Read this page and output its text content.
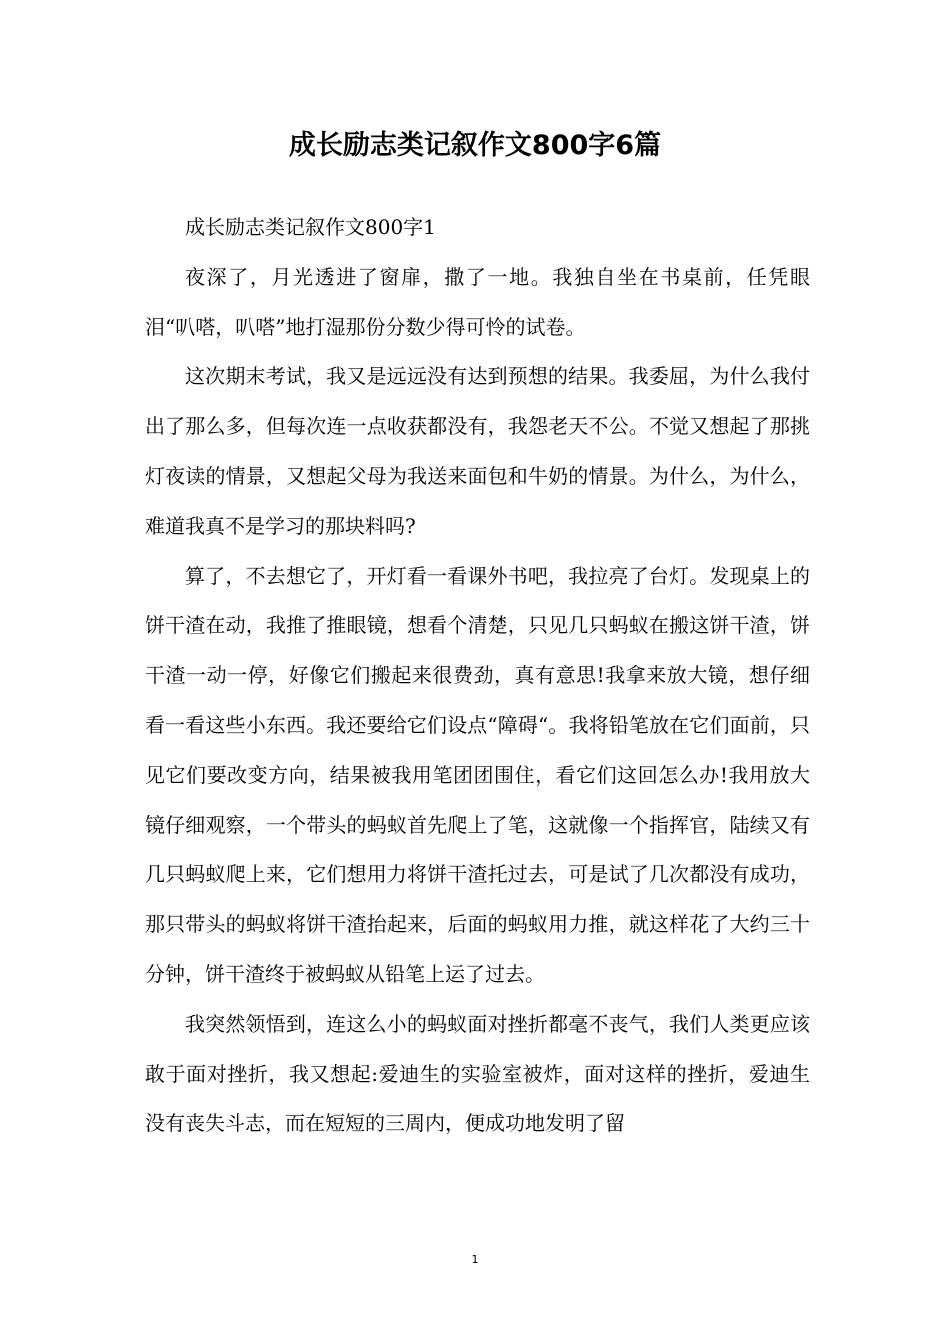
成长励志类记叙作文800字6篇

成长励志类记叙作文800字1

夜深了，月光透进了窗扉，撒了一地。我独自坐在书桌前，任凭眼泪“叭嗒，叭嗒”地打湿那份分数少得可怜的试卷。

这次期末考试，我又是远远没有达到预想的结果。我委屈，为什么我付出了那么多，但每次连一点收获都没有，我怨老天不公。不觉又想起了那挑灯夜读的情景，又想起父母为我送来面包和牛奶的情景。为什么，为什么，难道我真不是学习的那块料吗?

算了，不去想它了，开灯看一看课外书吧，我拉亮了台灯。发现桌上的饼干渣在动，我推了推眼镜，想看个清楚，只见几只蚂蚁在搬这饼干渣，饼干渣一动一停，好像它们搬起来很费劲，真有意思!我拿来放大镜，想仔细看一看这些小东西。我还要给它们设点“障碍“。我将铅笔放在它们面前，只见它们要改变方向，结果被我用笔团团围住，看它们这回怎么办!我用放大镜仔细观察，一个带头的蚂蚁首先爬上了笔，这就像一个指挥官，陆续又有几只蚂蚁爬上来，它们想用力将饼干渣托过去，可是试了几次都没有成功，那只带头的蚂蚁将饼干渣抬起来，后面的蚂蚁用力推，就这样花了大约三十分钟，饼干渣终于被蚂蚁从铅笔上运了过去。

我突然领悟到，连这么小的蚂蚁面对挫折都毫不丧气，我们人类更应该敢于面对挫折，我又想起:爱迪生的实验室被炸，面对这样的挫折，爱迪生没有丧失斗志，而在短短的三周内，便成功地发明了留

1
